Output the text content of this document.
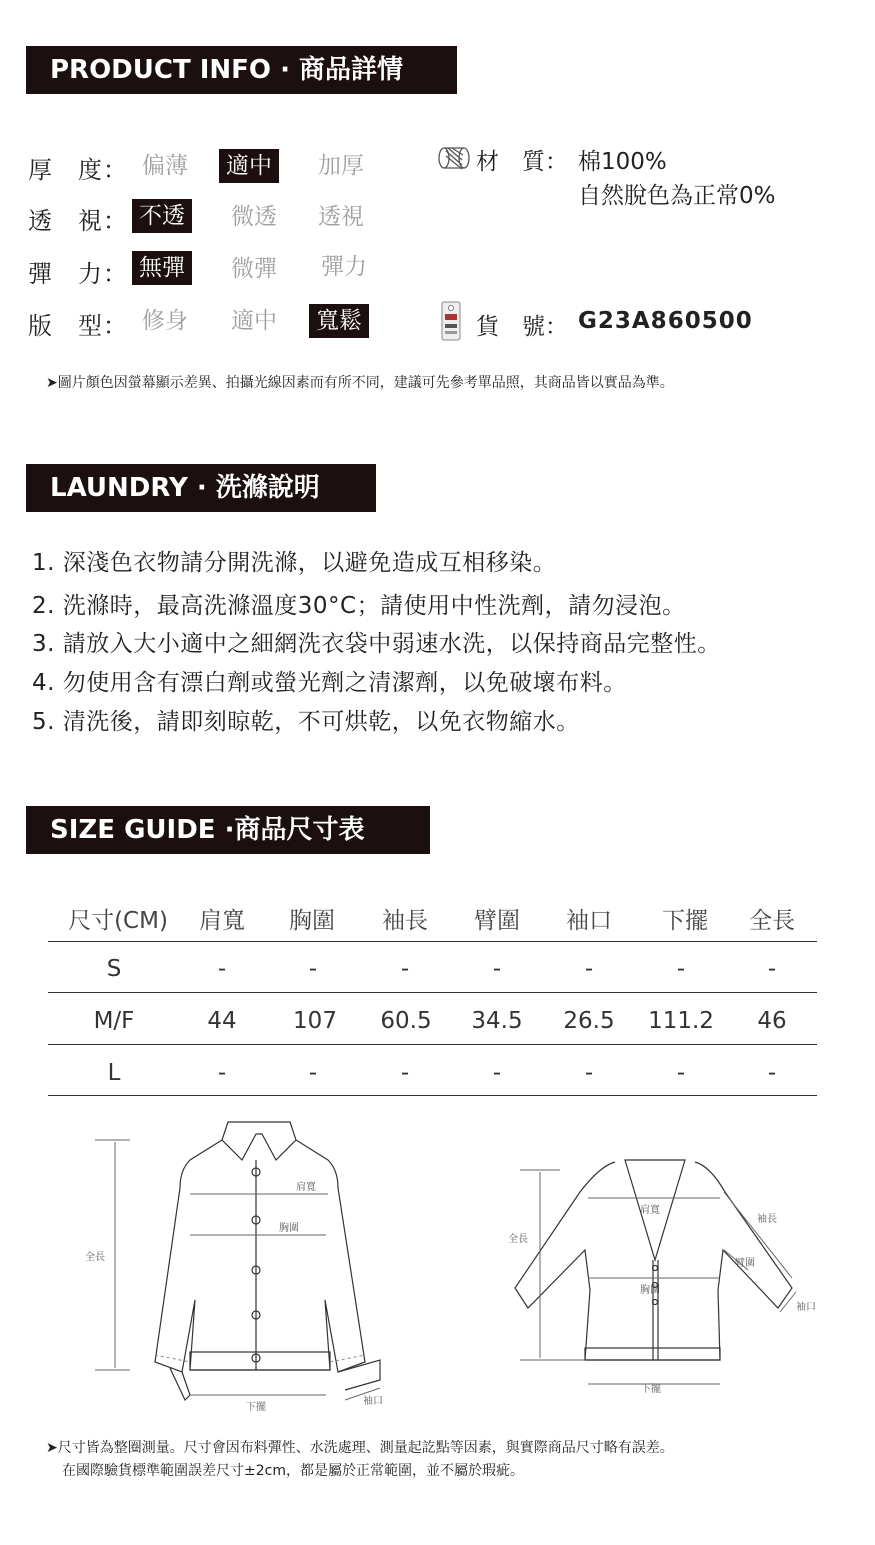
PRODUCT INFO · 商品詳情
厚　度： 偏薄	適中	加厚
透　視： 不透	微透 透視
彈　力： 無彈	微彈 彈力
版　型： 修身 適中	寬鬆
材　質： 棉100%
自然脫色為正常0%
貨　號： G23A860500
➤圖片顏色因螢幕顯示差異、拍攝光線因素而有所不同，建議可先參考單品照，其商品皆以實品為準。
LAUNDRY · 洗滌說明
1. 深淺色衣物請分開洗滌，以避免造成互相移染。
2. 洗滌時，最高洗滌溫度30°C；請使用中性洗劑，請勿浸泡。
3. 請放入大小適中之細網洗衣袋中弱速水洗，以保持商品完整性。
4. 勿使用含有漂白劑或螢光劑之清潔劑，以免破壞布料。
5. 清洗後，請即刻晾乾，不可烘乾，以免衣物縮水。
SIZE GUIDE ·商品尺寸表
尺寸(CM) 肩寬 胸圍 袖長 臂圍 袖口 下擺 全長
S	-	-	-	-	-	-	-
M/F	44 107 60.5 34.5 26.5 111.2 46
L	-	-	-	-	-	-	-
肩寬
胸圍
全長
下擺
袖口
全長
肩寬
袖長
臂圍
胸圍
袖口
下擺
➤尺寸皆為整圈測量。尺寸會因布料彈性、水洗處理、測量起訖點等因素，與實際商品尺寸略有誤差。
在國際驗貨標準範圍誤差尺寸±2cm，都是屬於正常範圍，並不屬於瑕疵。
